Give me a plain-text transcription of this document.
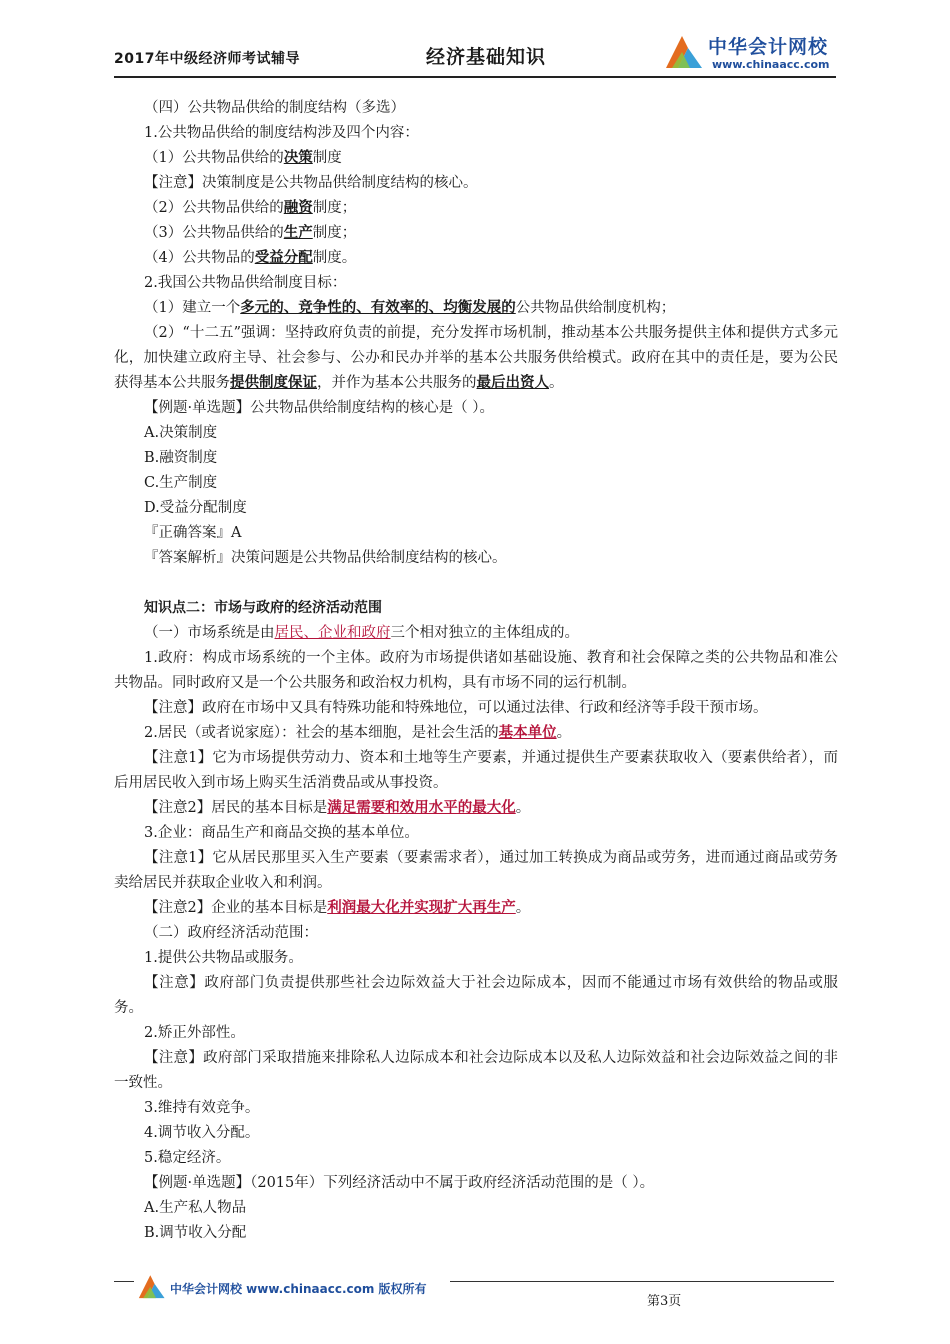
2017年中级经济师考试辅导	经济基础知识	中华会计网校
www.chinaacc.com
（四）公共物品供给的制度结构（多选）
1.公共物品供给的制度结构涉及四个内容：
（1）公共物品供给的决策制度
【注意】决策制度是公共物品供给制度结构的核心。
（2）公共物品供给的融资制度；
（3）公共物品供给的生产制度；
（4）公共物品的受益分配制度。
2.我国公共物品供给制度目标：
（1）建立一个多元的、竞争性的、有效率的、均衡发展的公共物品供给制度机构；
（2）“十二五”强调：坚持政府负责的前提，充分发挥市场机制，推动基本公共服务提供主体和提供方式多元化，加快建立政府主导、社会参与、公办和民办并举的基本公共服务供给模式。政府在其中的责任是，要为公民获得基本公共服务提供制度保证，并作为基本公共服务的最后出资人。
【例题·单选题】公共物品供给制度结构的核心是（ ）。
A.决策制度
B.融资制度
C.生产制度
D.受益分配制度
『正确答案』A
『答案解析』决策问题是公共物品供给制度结构的核心。
知识点二：市场与政府的经济活动范围
（一）市场系统是由居民、企业和政府三个相对独立的主体组成的。
1.政府：构成市场系统的一个主体。政府为市场提供诸如基础设施、教育和社会保障之类的公共物品和准公共物品。同时政府又是一个公共服务和政治权力机构，具有市场不同的运行机制。
【注意】政府在市场中又具有特殊功能和特殊地位，可以通过法律、行政和经济等手段干预市场。
2.居民（或者说家庭）：社会的基本细胞，是社会生活的基本单位。
【注意1】它为市场提供劳动力、资本和土地等生产要素，并通过提供生产要素获取收入（要素供给者），而后用居民收入到市场上购买生活消费品或从事投资。
【注意2】居民的基本目标是满足需要和效用水平的最大化。
3.企业：商品生产和商品交换的基本单位。
【注意1】它从居民那里买入生产要素（要素需求者），通过加工转换成为商品或劳务，进而通过商品或劳务卖给居民并获取企业收入和利润。
【注意2】企业的基本目标是利润最大化并实现扩大再生产。
（二）政府经济活动范围：
1.提供公共物品或服务。
【注意】政府部门负责提供那些社会边际效益大于社会边际成本，因而不能通过市场有效供给的物品或服务。
2.矫正外部性。
【注意】政府部门采取措施来排除私人边际成本和社会边际成本以及私人边际效益和社会边际效益之间的非一致性。
3.维持有效竞争。
4.调节收入分配。
5.稳定经济。
【例题·单选题】（2015年）下列经济活动中不属于政府经济活动范围的是（ ）。
A.生产私人物品
B.调节收入分配
中华会计网校 www.chinaacc.com 版权所有
第3页
